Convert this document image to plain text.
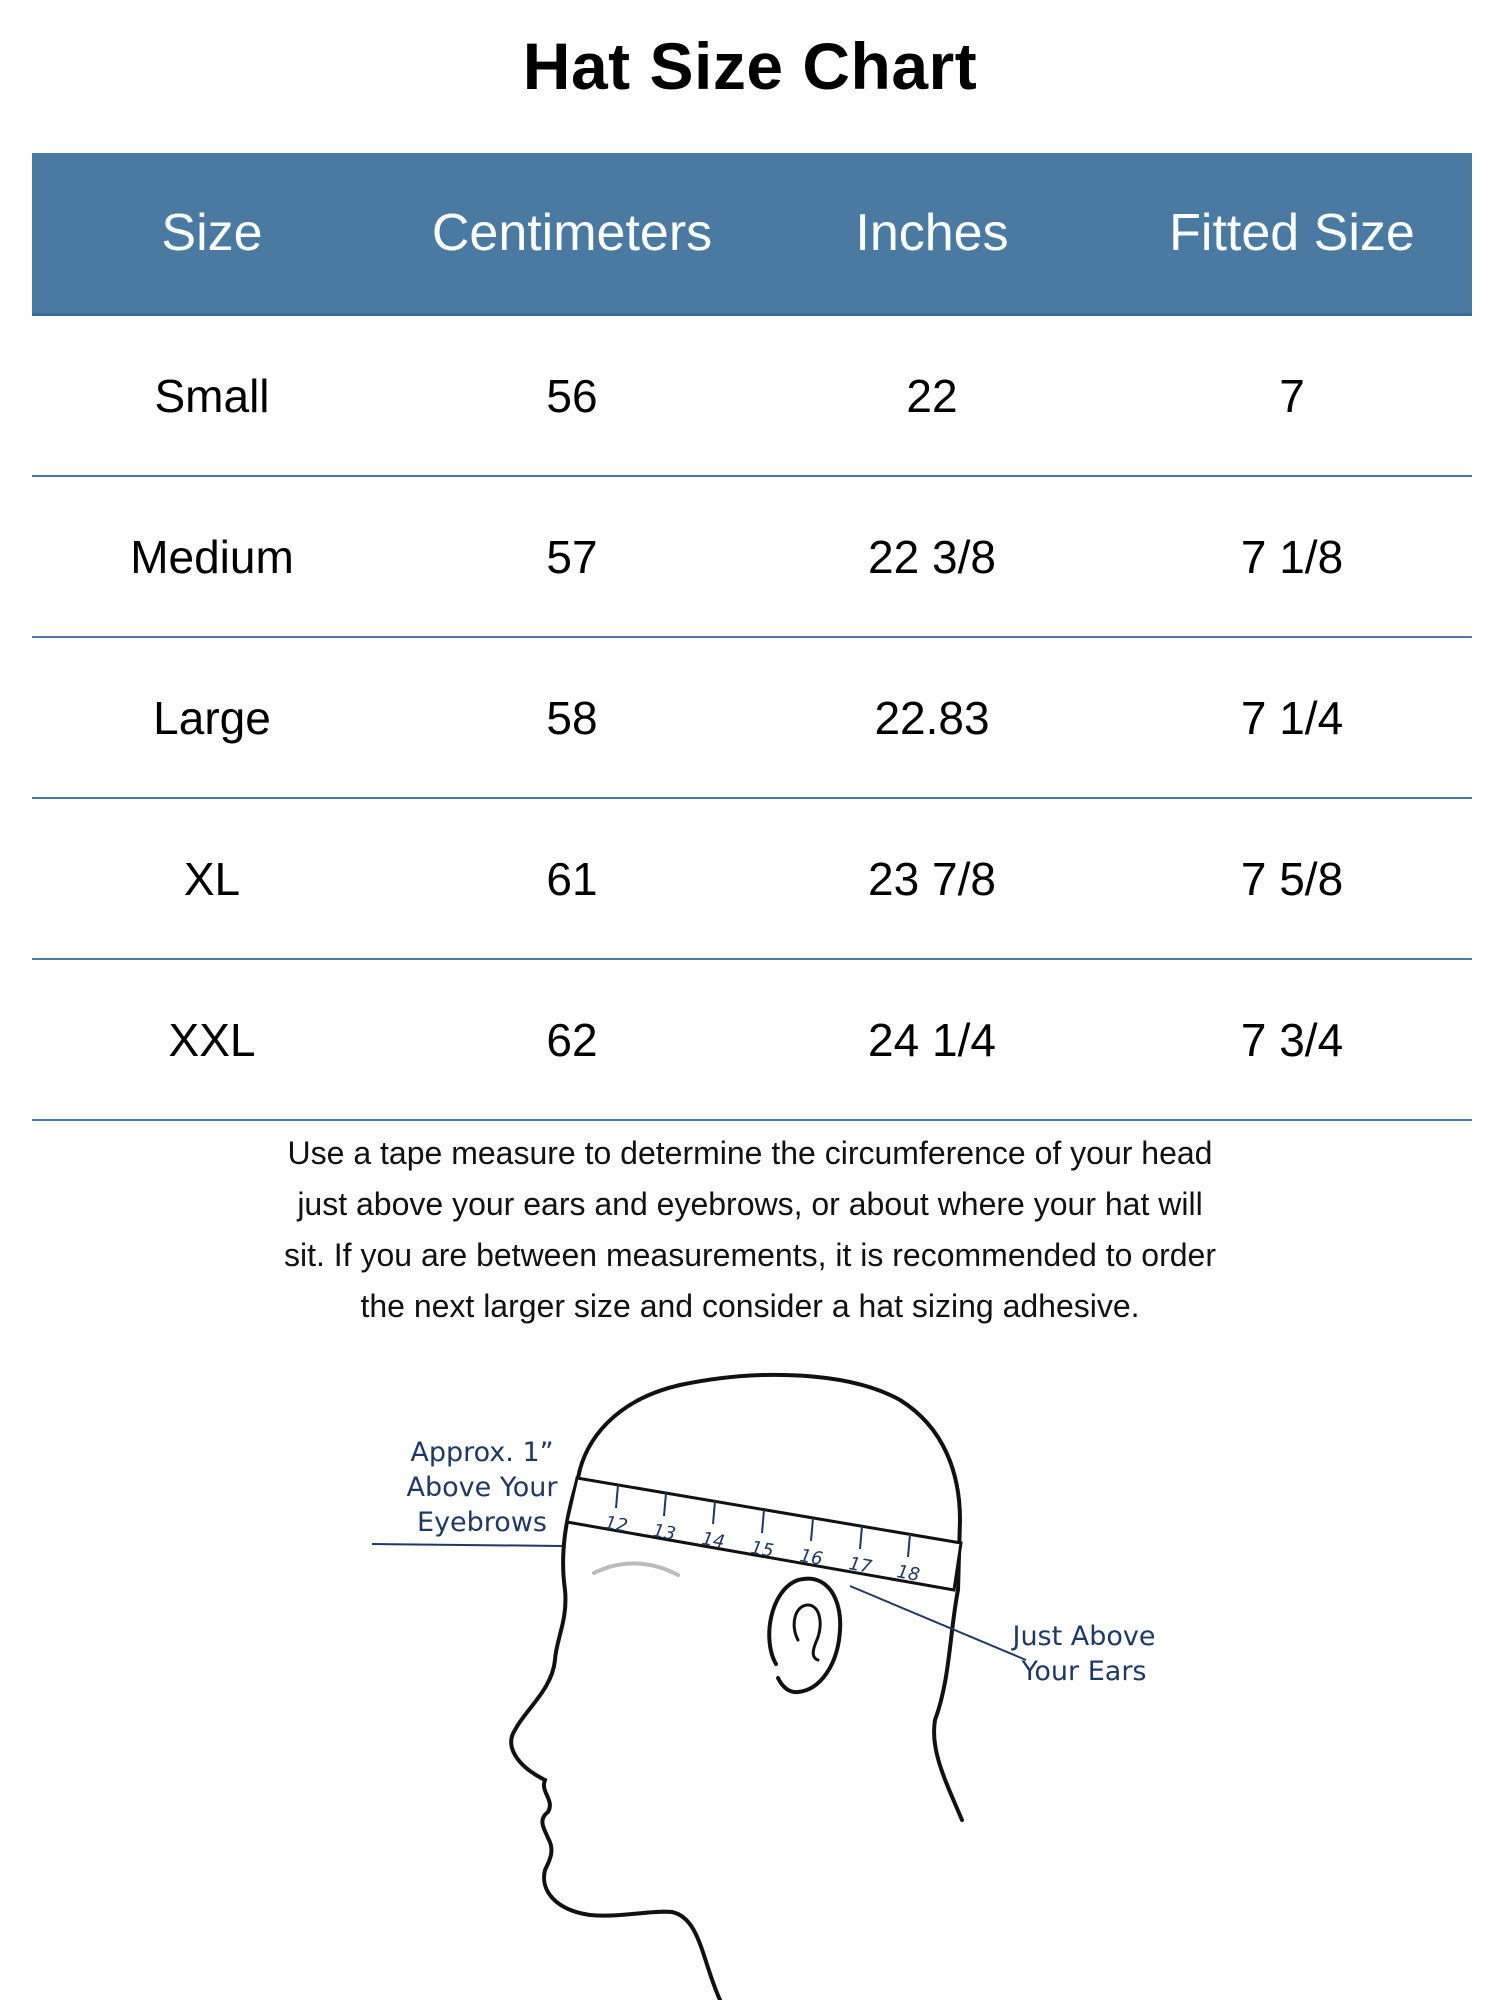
Hat Size Chart
Size	Centimeters	Inches	Fitted Size
Small	56	22	7
Medium	57	22 3/8	7 1/8
Large	58	22.83	7 1/4
XL	61	23 7/8	7 5/8
XXL	62	24 1/4	7 3/4
Use a tape measure to determine the circumference of your head
just above your ears and eyebrows, or about where your hat will
sit. If you are between measurements, it is recommended to order
the next larger size and consider a hat sizing adhesive.
12 13 14 15 16 17 18
Approx. 1”
Above Your
Eyebrows
Just Above
Your Ears
